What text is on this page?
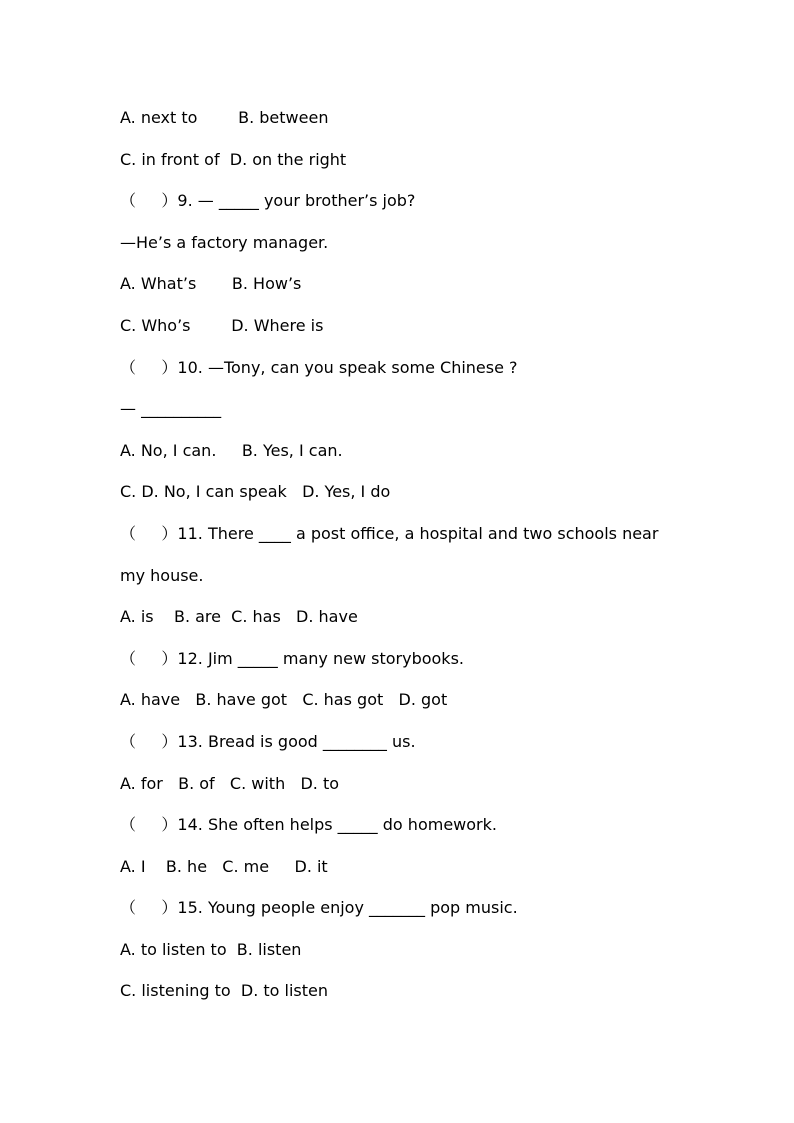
A. next to        B. between
C. in front of  D. on the right
（     ）9. — _____ your brother’s job?
—He’s a factory manager.
A. What’s       B. How’s
C. Who’s        D. Where is
（     ）10. —Tony, can you speak some Chinese ?
— __________
A. No, I can.     B. Yes, I can.
C. D. No, I can speak   D. Yes, I do
（     ）11. There ____ a post office, a hospital and two schools near
my house.
A. is    B. are  C. has   D. have
（     ）12. Jim _____ many new storybooks.
A. have   B. have got   C. has got   D. got
（     ）13. Bread is good ________ us.
A. for   B. of   C. with   D. to
（     ）14. She often helps _____ do homework.
A. I    B. he   C. me     D. it
（     ）15. Young people enjoy _______ pop music.
A. to listen to  B. listen
C. listening to  D. to listen
